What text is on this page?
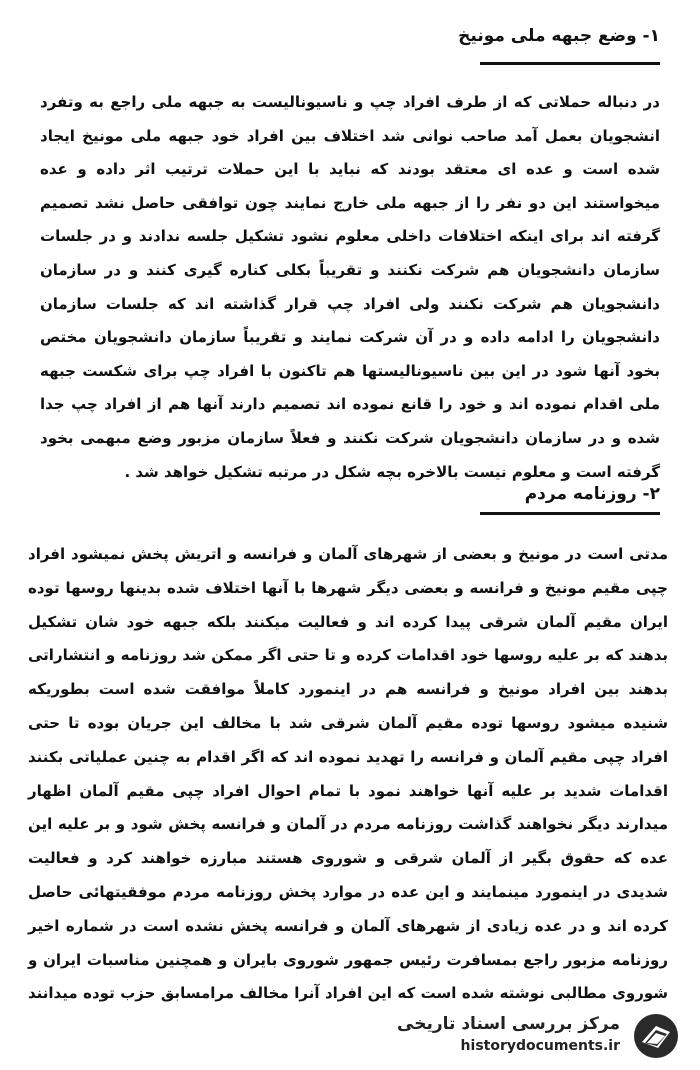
۱- وضع جبهه ملی مونیخ
در دنباله حملاتی که از طرف افراد چپ و ناسیونالیست به جبهه ملی راجع به وتفرد انشجویان بعمل آمد صاحب نوانی شد اختلاف بین افراد خود جبهه ملی مونیخ ایجاد شده است و عده ای معتقد بودند که نباید با این حملات ترتیب اثر داده و عده میخواستند این دو نفر را از جبهه ملی خارج نمایند چون توافقی حاصل نشد تصمیم گرفته اند برای اینکه اختلافات داخلی معلوم نشود تشکیل جلسه ندادند و در جلسات سازمان دانشجویان هم شرکت نکنند و تقریباً بکلی کناره گیری کنند و در سازمان دانشجویان هم شرکت نکنند ولی افراد چپ قرار گذاشته اند که جلسات سازمان دانشجویان را ادامه داده و در آن شرکت نمایند و تقریباً سازمان دانشجویان مختص بخود آنها شود در این بین ناسیونالیستها هم تاکنون با افراد چپ برای شکست جبهه ملی اقدام نموده اند و خود را قانع نموده اند تصمیم دارند آنها هم از افراد چپ جدا شده و در سازمان دانشجویان شرکت نکنند و فعلاً سازمان مزبور وضع مبهمی بخود گرفته است و معلوم نیست بالاخره بچه شکل در مرتبه تشکیل خواهد شد .
۲- روزنامه مردم
مدتی است در مونیخ و بعضی از شهرهای آلمان و فرانسه و اتریش پخش نمیشود افراد چپی مقیم مونیخ و فرانسه و بعضی دیگر شهرها با آنها اختلاف شده بدینها روسها توده ایران مقیم آلمان شرقی پیدا کرده اند و فعالیت میکنند بلکه جبهه خود شان تشکیل بدهند که بر علیه روسها خود اقدامات کرده و تا حتی اگر ممکن شد روزنامه و انتشاراتی بدهند بین افراد مونیخ و فرانسه هم در اینمورد کاملاً موافقت شده است بطوریکه شنیده میشود روسها توده مقیم آلمان شرقی شد با مخالف این جریان بوده تا حتی افراد چپی مقیم آلمان و فرانسه را تهدید نموده اند که اگر اقدام به چنین عملیاتی بکنند اقدامات شدید بر علیه آنها خواهند نمود با تمام احوال افراد چپی مقیم آلمان اظهار میدارند دیگر نخواهند گذاشت روزنامه مردم در آلمان و فرانسه پخش شود و بر علیه این عده که حقوق بگیر از آلمان شرقی و شوروی هستند مبارزه خواهند کرد و فعالیت شدیدی در اینمورد مینمایند و این عده در موارد پخش روزنامه مردم موفقیتهائی حاصل کرده اند و در عده زیادی از شهرهای آلمان و فرانسه پخش نشده است در شماره اخیر روزنامه مزبور راجع بمسافرت رئیس جمهور شوروی بایران و همچنین مناسبات ایران و شوروی مطالبی نوشته شده است که این افراد آنرا مخالف مرامسابق حزب توده میدانند
مرکز بررسی اسناد تاریخی
historydocuments.ir
